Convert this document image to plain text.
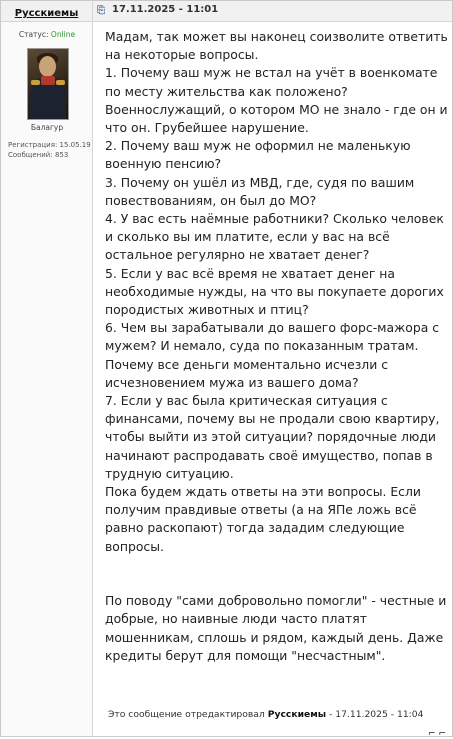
Русскиемы	⎘ 17.11.2025 - 11:01
Статус: Online
Балагур
Регистрация: 15.05.19
Сообщений: 853

Мадам, так может вы наконец соизволите ответить

на некоторые вопросы.

1. Почему ваш муж не встал на учёт в военкомате

по месту жительства как положено?

Военнослужащий, о котором МО не знало - где он и

что он. Грубейшее нарушение.

2. Почему ваш муж не оформил не маленькую

военную пенсию?

3. Почему он ушёл из МВД, где, судя по вашим

повествованиям, он был до МО?

4. У вас есть наёмные работники? Сколько человек

и сколько вы им платите, если у вас на всё

остальное регулярно не хватает денег?

5. Если у вас всё время не хватает денег на

необходимые нужды, на что вы покупаете дорогих

породистых животных и птиц?

6. Чем вы зарабатывали до вашего форс-мажора с

мужем? И немало, суда по показанным тратам.

Почему все деньги моментально исчезли с

исчезновением мужа из вашего дома?

7. Если у вас была критическая ситуация с

финансами, почему вы не продали свою квартиру,

чтобы выйти из этой ситуации? порядочные люди

начинают распродавать своё имущество, попав в

трудную ситуацию.

Пока будем ждать ответы на эти вопросы. Если

получим правдивые ответы (а на ЯПе ложь всё

равно раскопают) тогда зададим следующие

вопросы.

По поводу "сами добровольно помогли" - честные и

добрые, но наивные люди часто платят

мошенникам, сплошь и рядом, каждый день. Даже

кредиты берут для помощи "несчастным".

Это сообщение отредактировал Русскиемы - 17.11.2025 - 11:04
⌐ ⌐
